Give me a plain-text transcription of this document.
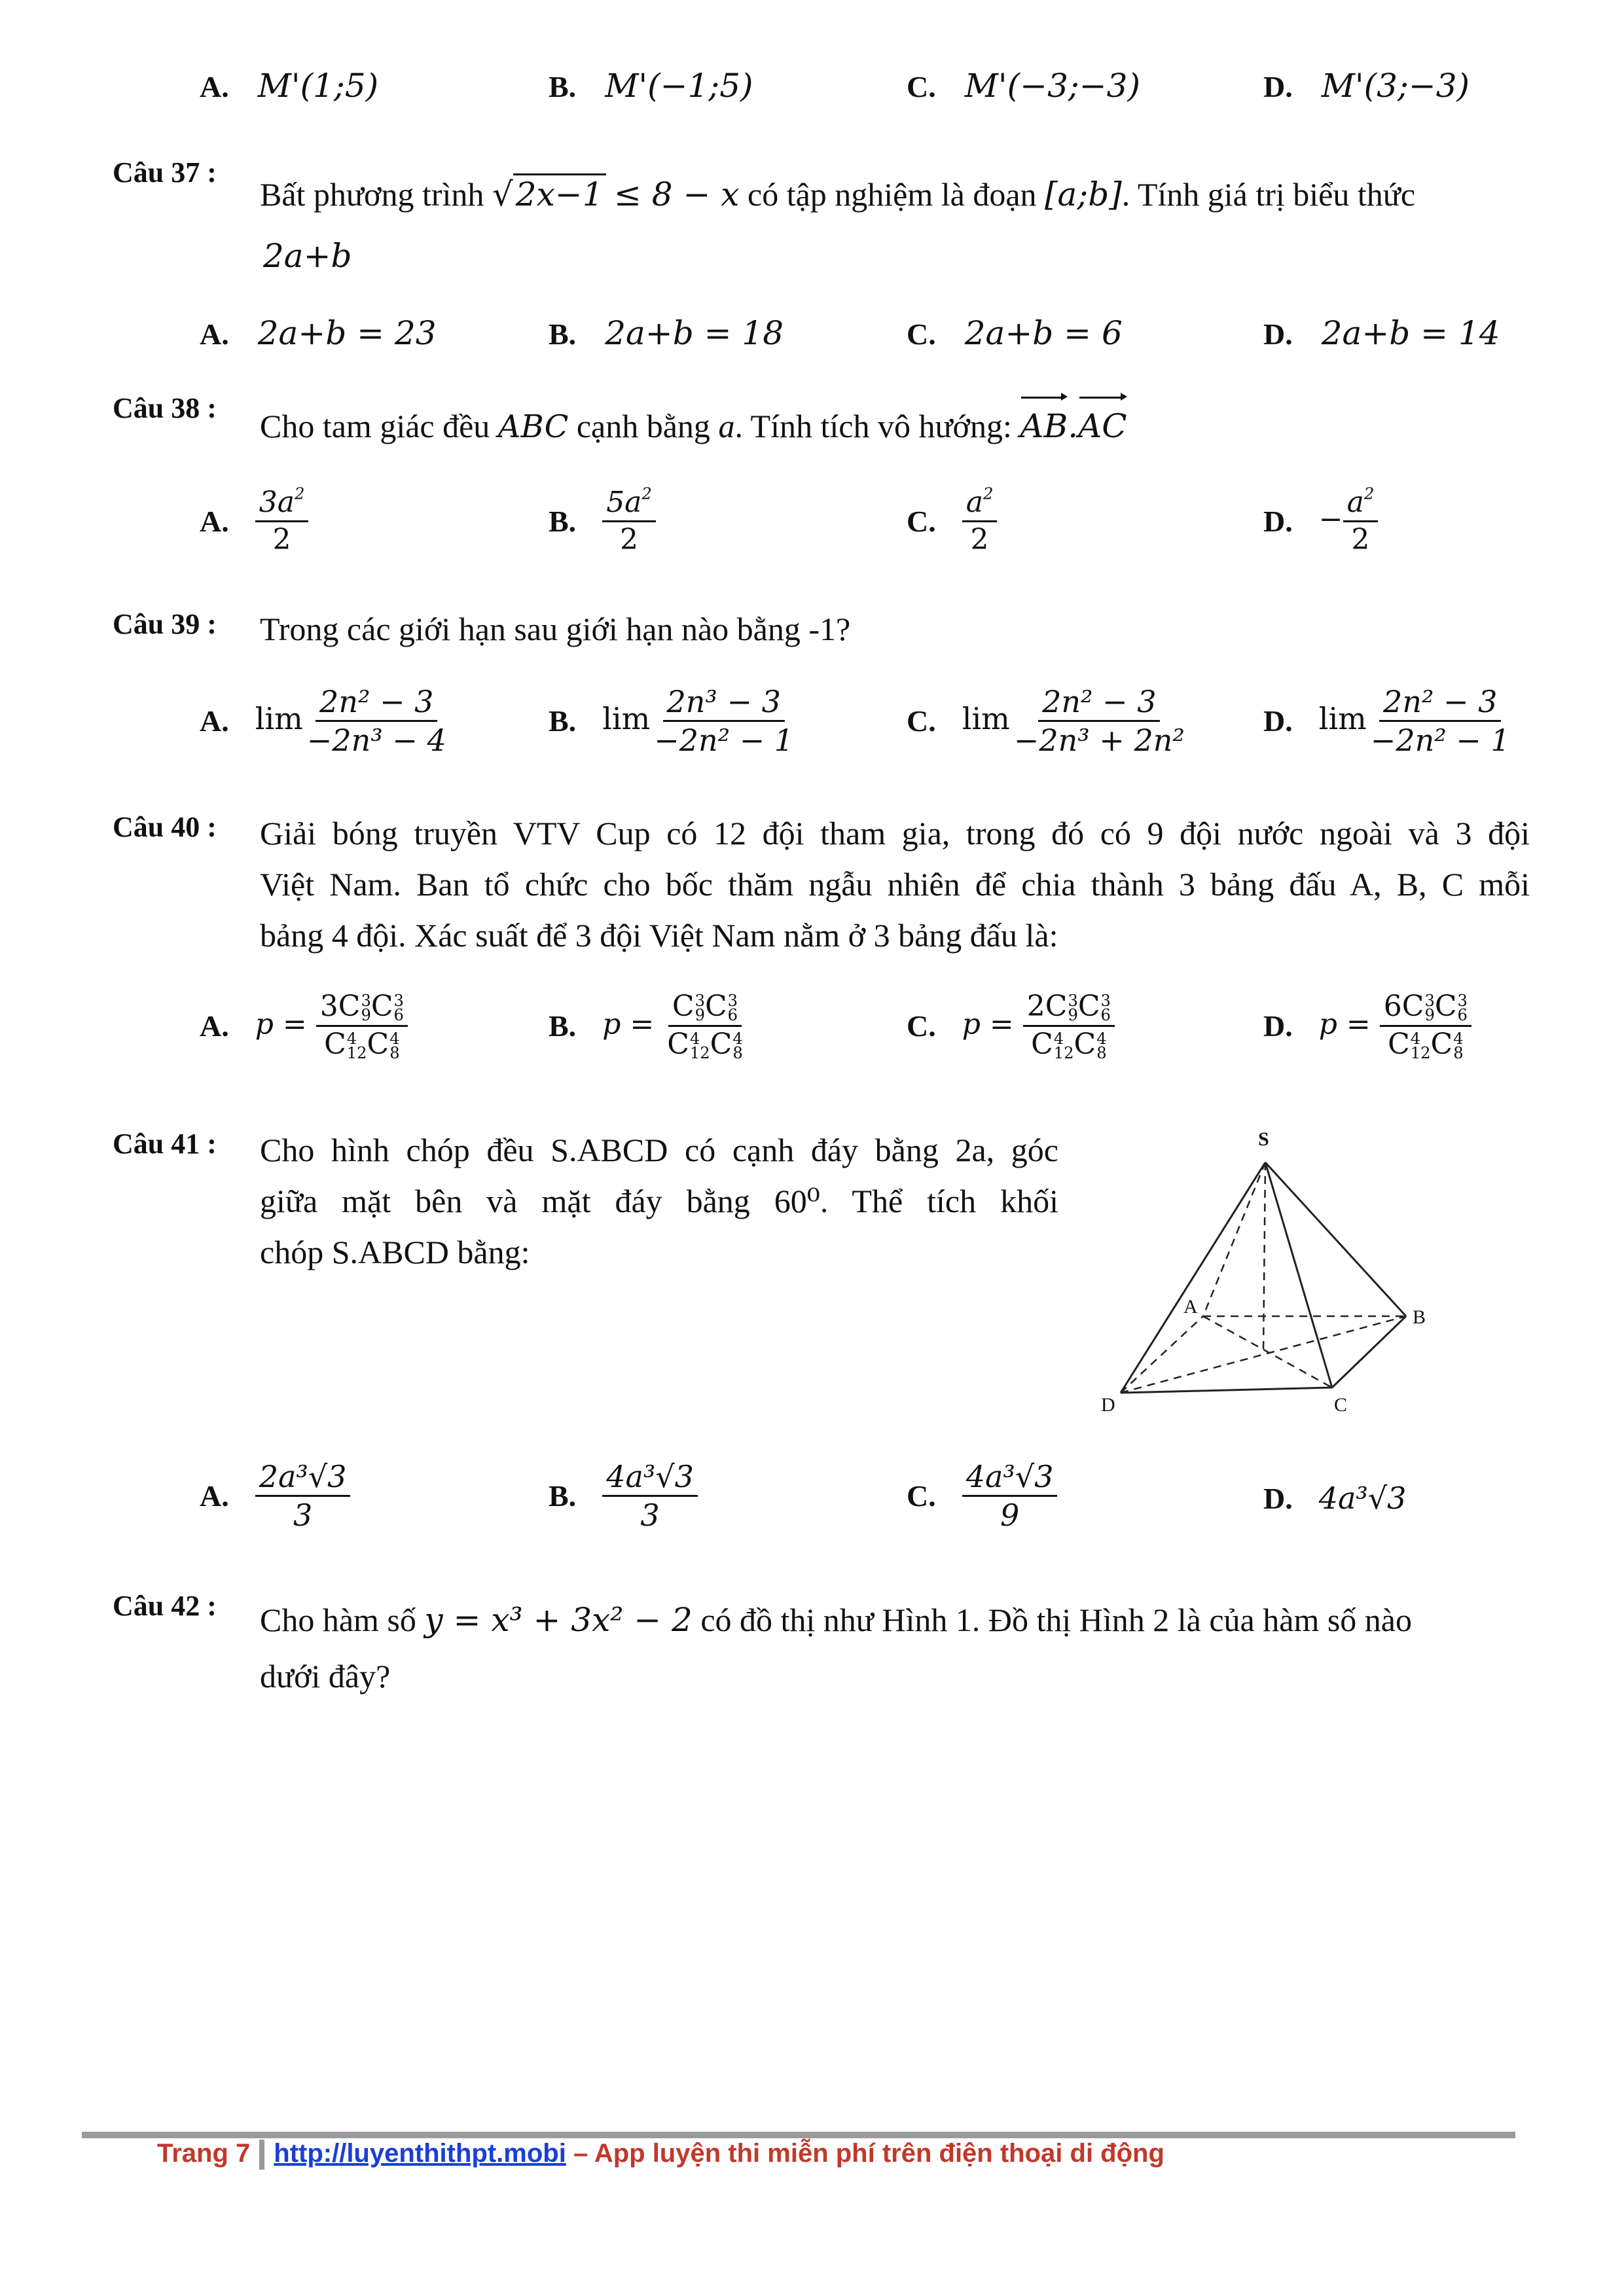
A. M'(1;5)	B. M'(−1;5)	C. M'(−3;−3)	D. M'(3;−3)
Câu 37 :
Bất phương trình √2x−1 ≤ 8 − x có tập nghiệm là đoạn [a;b]. Tính giá trị biểu thức
2a+b
A. 2a+b = 23	B. 2a+b = 18	C. 2a+b = 6	D. 2a+b = 14
Câu 38 : Cho tam giác đều ABC cạnh bằng a. Tính tích vô hướng: AB.AC
A. $\frac{3a^2}{2}$	B. $\frac{5a^2}{2}$	C. $\frac{a^2}{2}$	D. − $\frac{a^2}{2}$
Câu 39 : Trong các giới hạn sau giới hạn nào bằng -1?
A. $\lim \frac{\text{2n² − 3}}{\text{−2n³ − 4}}$	B. $\lim \frac{\text{2n³ − 3}}{\text{−2n² − 1}}$	C. $\lim \frac{\text{2n² − 3}}{\text{−2n³ + 2n²}} D$. $\lim \frac{\text{2n² − 3}}{\text{−2n² − 1}}$
Câu 40 : Giải bóng truyền VTV Cup có 12 đội tham gia, trong đó có 9 đội nước ngoài và 3 đội
Việt Nam. Ban tổ chức cho bốc thăm ngẫu nhiên để chia thành 3 bảng đấu A, B, C mỗi
bảng 4 đội. Xác suất để 3 đội Việt Nam nằm ở 3 bảng đấu là:
A. p = 3C 3
9 C 3
6
C 4
12 C 4
8	B. p = C 3
9 C 3
6
C 4
12 C 4
8	C. p = 2C 3
9 C 3
6
C 4
12 C 4
8	D. p = 6C 3
9 C 3
6
C 4
12 C 4
8
Câu 41 : Cho hình chóp đều S.ABCD có cạnh đáy bằng 2a, góc
giữa mặt bên và mặt đáy bằng 60⁰. Thể tích khối
chóp S.ABCD bằng:
S
A	B
C
D
A. $\frac{\text{2a³√3}}{3}$	B. $\frac{\text{4a³√3}}{3}$	C. $\frac{\text{4a³√3}}{9}$	D. 4a³√3
Câu 42 : Cho hàm số y = x³ + 3x² − 2 có đồ thị như Hình 1. Đồ thị Hình 2 là của hàm số nào
dưới đây?
Trang 7 http://luyenthithpt.mobi – App luyện thi miễn phí trên điện thoại di động
